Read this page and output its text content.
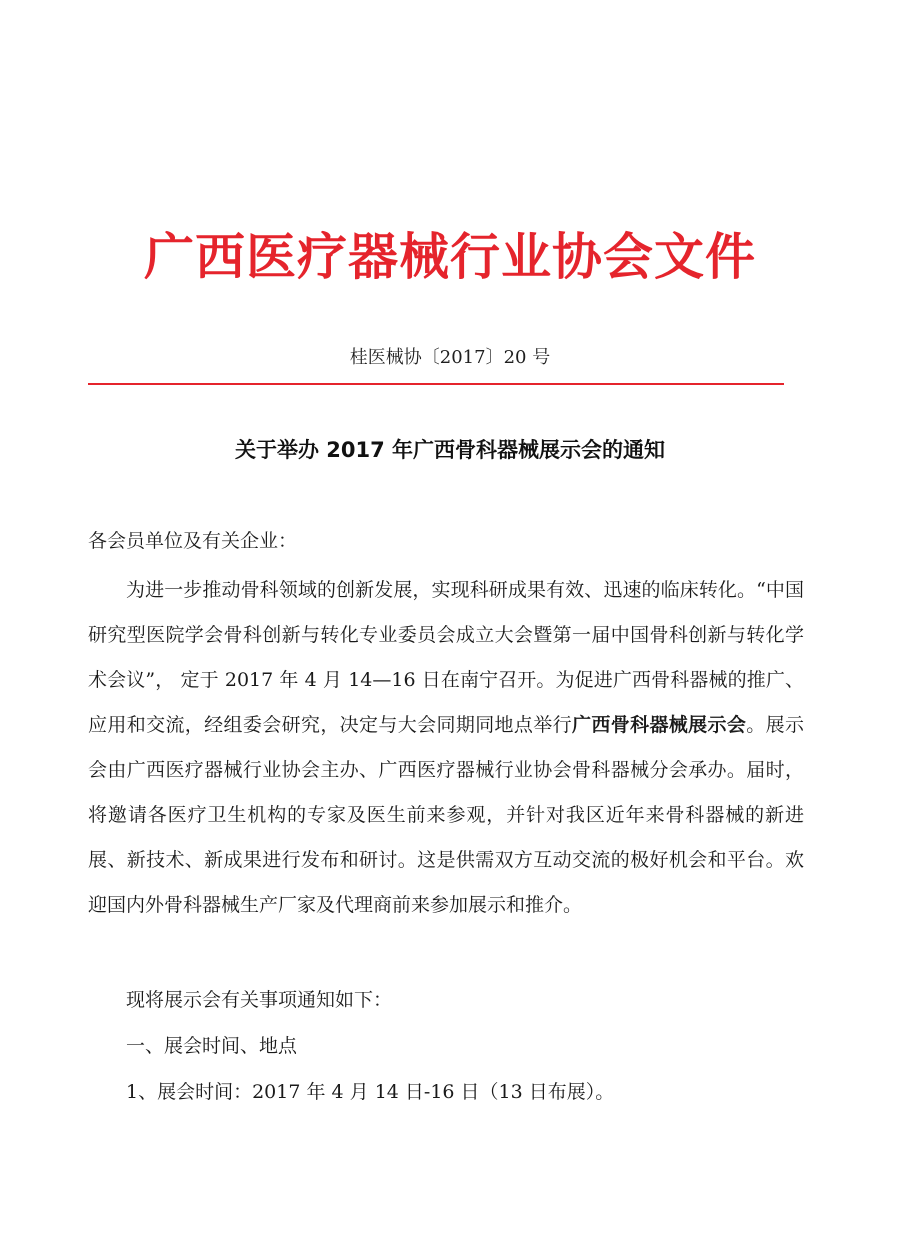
广西医疗器械行业协会文件
桂医械协〔2017〕20 号
关于举办 2017 年广西骨科器械展示会的通知
各会员单位及有关企业：
为进一步推动骨科领域的创新发展，实现科研成果有效、迅速的临床转化。“中国研究型医院学会骨科创新与转化专业委员会成立大会暨第一届中国骨科创新与转化学术会议”， 定于 2017 年 4 月 14—16 日在南宁召开。为促进广西骨科器械的推广、应用和交流，经组委会研究，决定与大会同期同地点举行广西骨科器械展示会。展示会由广西医疗器械行业协会主办、广西医疗器械行业协会骨科器械分会承办。届时，将邀请各医疗卫生机构的专家及医生前来参观，并针对我区近年来骨科器械的新进展、新技术、新成果进行发布和研讨。这是供需双方互动交流的极好机会和平台。欢迎国内外骨科器械生产厂家及代理商前来参加展示和推介。
现将展示会有关事项通知如下：
一、展会时间、地点
1、展会时间：2017 年 4 月 14 日-16 日（13 日布展）。
